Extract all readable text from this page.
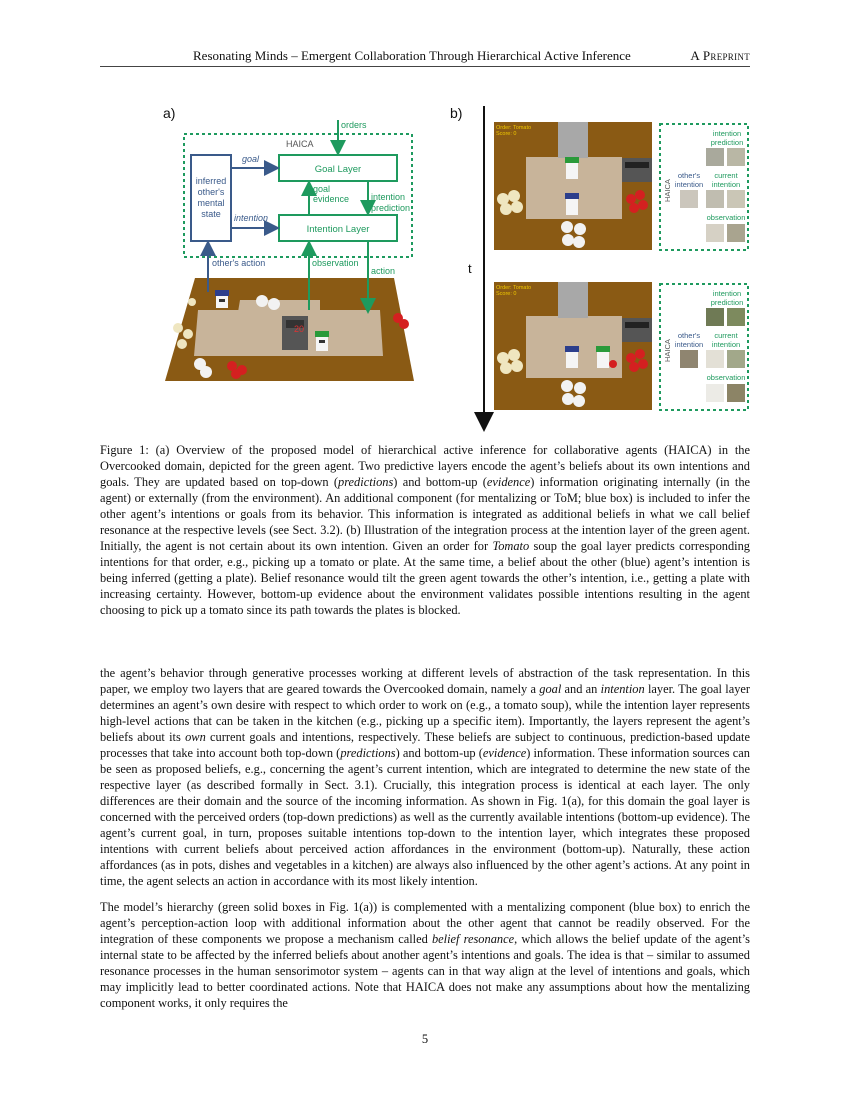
Resonating Minds – Emergent Collaboration Through Hierarchical Active Inference	A Preprint
a)
20
HAICA
orders
Goal Layer
Intention Layer
inferred
other's
mental
state
goal
intention
goal
evidence intention
prediction
other's action	observation
action
b)
t
Order: Tomato
Score: 0
HAICA
intention
prediction
other's
intention
current
intention
observation
Order: Tomato
Score: 0
HAICA
intention
prediction
other's
intention
current
intention
observation

Figure 1: (a) Overview of the proposed model of hierarchical active inference for collaborative agents (HAICA) in the Overcooked domain, depicted for the green agent. Two predictive layers encode the agent’s beliefs about its own intentions and goals. They are updated based on top-down (predictions) and bottom-up (evidence) information originating internally (in the agent) or externally (from the environment). An additional component (for mentalizing or ToM; blue box) is included to infer the other agent’s intentions or goals from its behavior. This information is integrated as additional beliefs in what we call belief resonance at the respective levels (see Sect. 3.2). (b) Illustration of the integration process at the intention layer of the green agent. Initially, the agent is not certain about its own intention. Given an order for Tomato soup the goal layer predicts corresponding intentions for that order, e.g., picking up a tomato or plate. At the same time, a belief about the other (blue) agent’s intention is being inferred (getting a plate). Belief resonance would tilt the green agent towards the other’s intention, i.e., getting a plate with increasing certainty. However, bottom-up evidence about the environment validates possible intentions resulting in the agent choosing to pick up a tomato since its path towards the plates is blocked.

the agent’s behavior through generative processes working at different levels of abstraction of the task representation. In this paper, we employ two layers that are geared towards the Overcooked domain, namely a goal and an intention layer. The goal layer determines an agent’s own desire with respect to which order to work on (e.g., a tomato soup), while the intention layer represents high-level actions that can be taken in the kitchen (e.g., picking up a specific item). Importantly, the layers represent the agent’s beliefs about its own current goals and intentions, respectively. These beliefs are subject to continuous, prediction-based update processes that take into account both top-down (predictions) and bottom-up (evidence) information. These information sources can be seen as proposed beliefs, e.g., concerning the agent’s current intention, which are integrated to determine the new state of the respective layer (as described formally in Sect. 3.1). Crucially, this integration process is identical at each layer. The only differences are their domain and the source of the incoming information. As shown in Fig. 1(a), for this domain the goal layer is concerned with the perceived orders (top-down predictions) as well as the currently available intentions (bottom-up evidence). The agent’s current goal, in turn, proposes suitable intentions top-down to the intention layer, which integrates these proposed intentions with current beliefs about perceived action affordances in the environment (bottom-up). Naturally, these action affordances (as in pots, dishes and vegetables in a kitchen) are always also influenced by the other agent’s actions. At any point in time, the agent selects an action in accordance with its most likely intention.

The model’s hierarchy (green solid boxes in Fig. 1(a)) is complemented with a mentalizing component (blue box) to enrich the agent’s perception-action loop with additional information about the other agent that cannot be readily observed. For the integration of these components we propose a mechanism called belief resonance, which allows the belief update of the agent’s internal state to be affected by the inferred beliefs about another agent’s intentions and goals. The idea is that – similar to assumed resonance processes in the human sensorimotor system – agents can in that way align at the level of intentions and goals, which may implicitly lead to better coordinated actions. Note that HAICA does not make any assumptions about how the mentalizing component works, it only requires the

5
